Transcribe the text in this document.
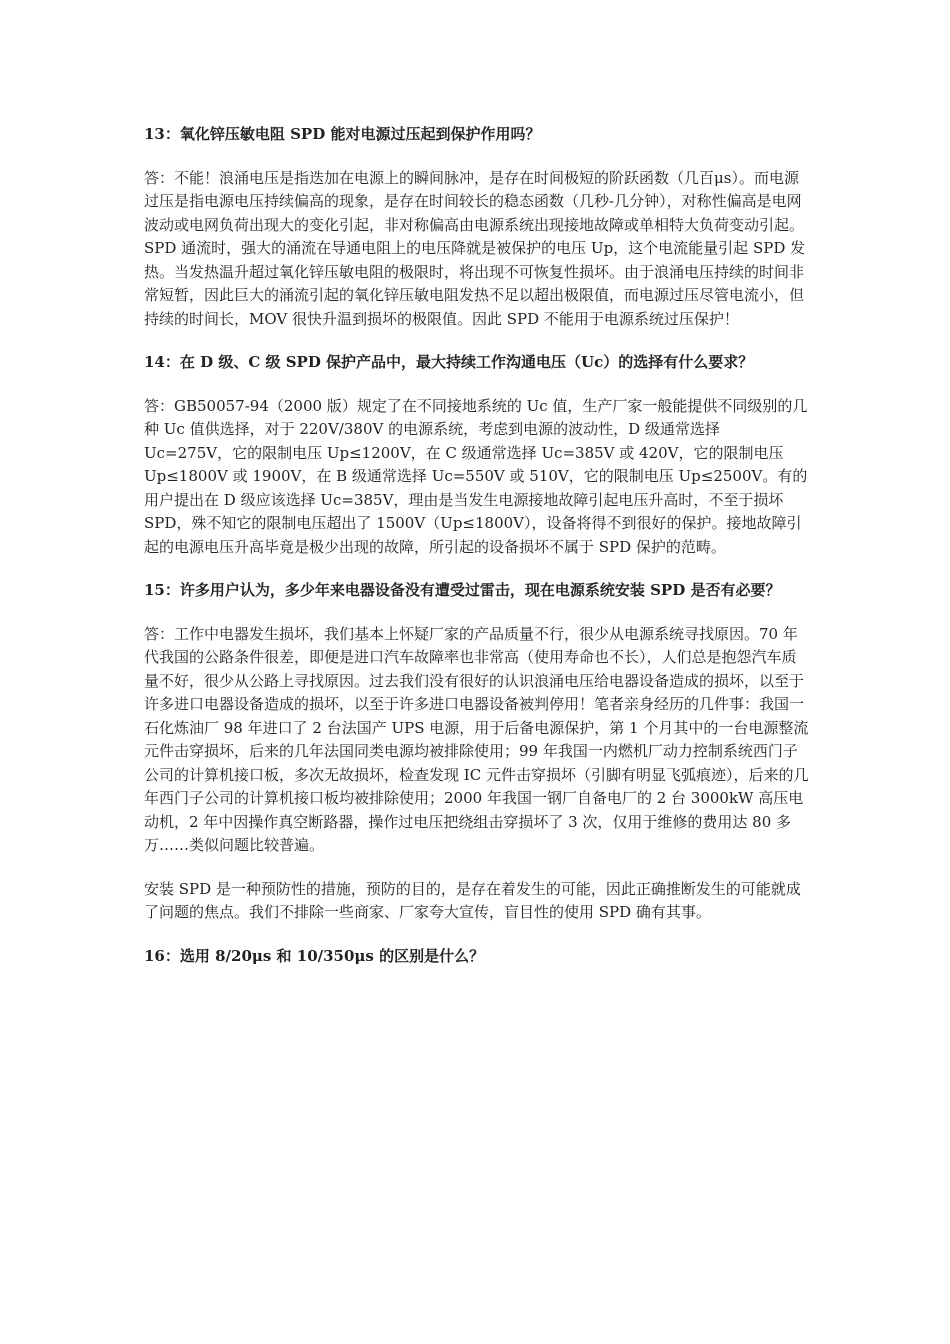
13：氧化锌压敏电阻 SPD 能对电源过压起到保护作用吗？

答：不能！浪涌电压是指迭加在电源上的瞬间脉冲，是存在时间极短的阶跃函数（几百μs）。而电源过压是指电源电压持续偏高的现象，是存在时间较长的稳态函数（几秒-几分钟），对称性偏高是电网波动或电网负荷出现大的变化引起，非对称偏高由电源系统出现接地故障或单相特大负荷变动引起。SPD 通流时，强大的涌流在导通电阻上的电压降就是被保护的电压 Up，这个电流能量引起 SPD 发热。当发热温升超过氧化锌压敏电阻的极限时，将出现不可恢复性损坏。由于浪涌电压持续的时间非常短暂，因此巨大的涌流引起的氧化锌压敏电阻发热不足以超出极限值，而电源过压尽管电流小，但持续的时间长，MOV 很快升温到损坏的极限值。因此 SPD 不能用于电源系统过压保护！

14：在 D 级、C 级 SPD 保护产品中，最大持续工作沟通电压（Uc）的选择有什么要求？

答：GB50057-94（2000 版）规定了在不同接地系统的 Uc 值，生产厂家一般能提供不同级别的几种 Uc 值供选择，对于 220V/380V 的电源系统，考虑到电源的波动性，D 级通常选择 Uc=275V，它的限制电压 Up≤1200V，在 C 级通常选择 Uc=385V 或 420V，它的限制电压 Up≤1800V 或 1900V，在 B 级通常选择 Uc=550V 或 510V，它的限制电压 Up≤2500V。有的用户提出在 D 级应该选择 Uc=385V，理由是当发生电源接地故障引起电压升高时，不至于损坏 SPD，殊不知它的限制电压超出了 1500V（Up≤1800V），设备将得不到很好的保护。接地故障引起的电源电压升高毕竟是极少出现的故障，所引起的设备损坏不属于 SPD 保护的范畴。

15：许多用户认为，多少年来电器设备没有遭受过雷击，现在电源系统安装 SPD 是否有必要？

答：工作中电器发生损坏，我们基本上怀疑厂家的产品质量不行，很少从电源系统寻找原因。70 年代我国的公路条件很差，即便是进口汽车故障率也非常高（使用寿命也不长），人们总是抱怨汽车质量不好，很少从公路上寻找原因。过去我们没有很好的认识浪涌电压给电器设备造成的损坏，以至于许多进口电器设备造成的损坏，以至于许多进口电器设备被判停用！笔者亲身经历的几件事：我国一石化炼油厂 98 年进口了 2 台法国产 UPS 电源，用于后备电源保护，第 1 个月其中的一台电源整流元件击穿损坏，后来的几年法国同类电源均被排除使用；99 年我国一内燃机厂动力控制系统西门子公司的计算机接口板，多次无故损坏，检查发现 IC 元件击穿损坏（引脚有明显飞弧痕迹），后来的几年西门子公司的计算机接口板均被排除使用；2000 年我国一钢厂自备电厂的 2 台 3000kW 高压电动机，2 年中因操作真空断路器，操作过电压把绕组击穿损坏了 3 次，仅用于维修的费用达 80 多万……类似问题比较普遍。

安装 SPD 是一种预防性的措施，预防的目的，是存在着发生的可能，因此正确推断发生的可能就成了问题的焦点。我们不排除一些商家、厂家夸大宣传，盲目性的使用 SPD 确有其事。

16：选用 8/20μs 和 10/350μs 的区别是什么？
